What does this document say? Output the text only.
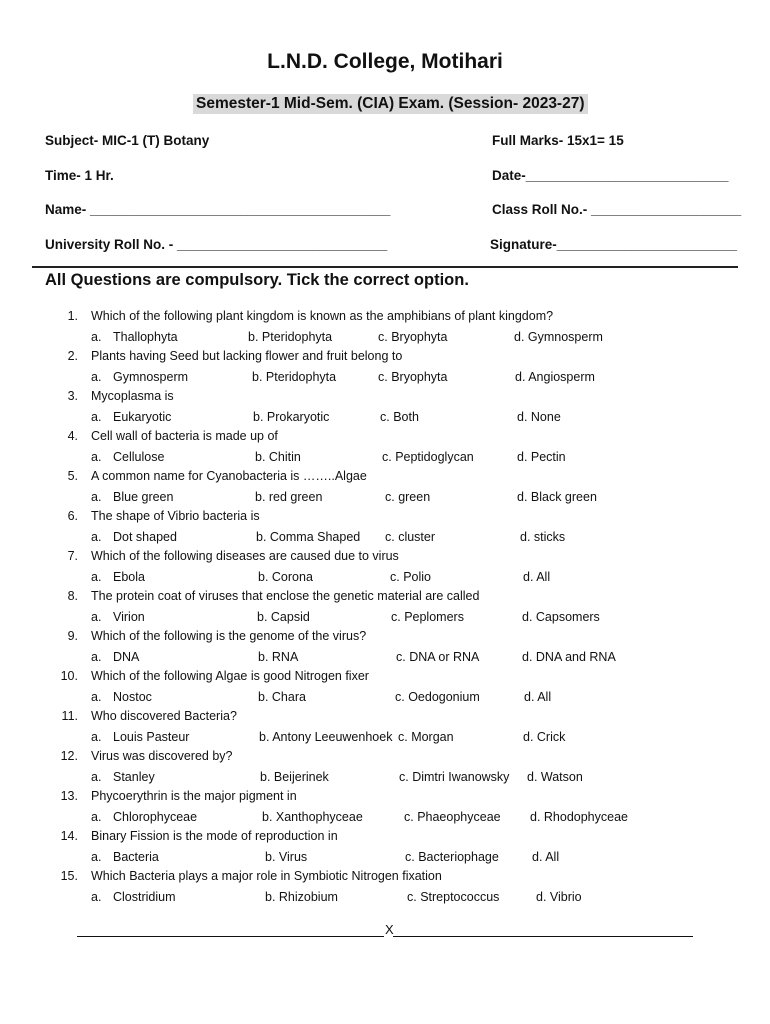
L.N.D. College, Motihari
Semester-1 Mid-Sem. (CIA) Exam. (Session- 2023-27)
Subject- MIC-1 (T) Botany	Full Marks- 15x1= 15
Time- 1 Hr.	Date-___________________________
Name- ________________________________________	Class Roll No.- ____________________
University Roll No. - ____________________________	Signature-________________________
All Questions are compulsory. Tick the correct option.
1. Which of the following plant kingdom is known as the amphibians of plant kingdom?
a. Thallophyta	b. Pteridophyta	c. Bryophyta	d. Gymnosperm
2. Plants having Seed but lacking flower and fruit belong to
a. Gymnosperm	b. Pteridophyta	c. Bryophyta	d. Angiosperm
3. Mycoplasma is
a. Eukaryotic	b. Prokaryotic	c. Both	d. None
4. Cell wall of bacteria is made up of
a. Cellulose	b. Chitin	c. Peptidoglycan	d. Pectin
5. A common name for Cyanobacteria is ……..Algae
a. Blue green	b. red green	c. green	d. Black green
6. The shape of Vibrio bacteria is
a. Dot shaped	b. Comma Shaped c. cluster	d. sticks
7. Which of the following diseases are caused due to virus
a. Ebola	b. Corona	c. Polio	d. All
8. The protein coat of viruses that enclose the genetic material are called
a. Virion	b. Capsid	c. Peplomers	d. Capsomers
9. Which of the following is the genome of the virus?
a. DNA	b. RNA	c. DNA or RNA	d. DNA and RNA
10. Which of the following Algae is good Nitrogen fixer
a. Nostoc	b. Chara	c. Oedogonium	d. All
11. Who discovered Bacteria?
a. Louis Pasteur	b. Antony Leeuwenhoek c. Morgan	d. Crick
12. Virus was discovered by?
a. Stanley	b. Beijerinek	c. Dimtri Iwanowsky d. Watson
13. Phycoerythrin is the major pigment in
a. Chlorophyceae	b. Xanthophyceae	c. Phaeophyceae d. Rhodophyceae
14. Binary Fission is the mode of reproduction in
a. Bacteria	b. Virus	c. Bacteriophage	d. All
15. Which Bacteria plays a major role in Symbiotic Nitrogen fixation
a. Clostridium	b. Rhizobium	c. Streptococcus	d. Vibrio
X
